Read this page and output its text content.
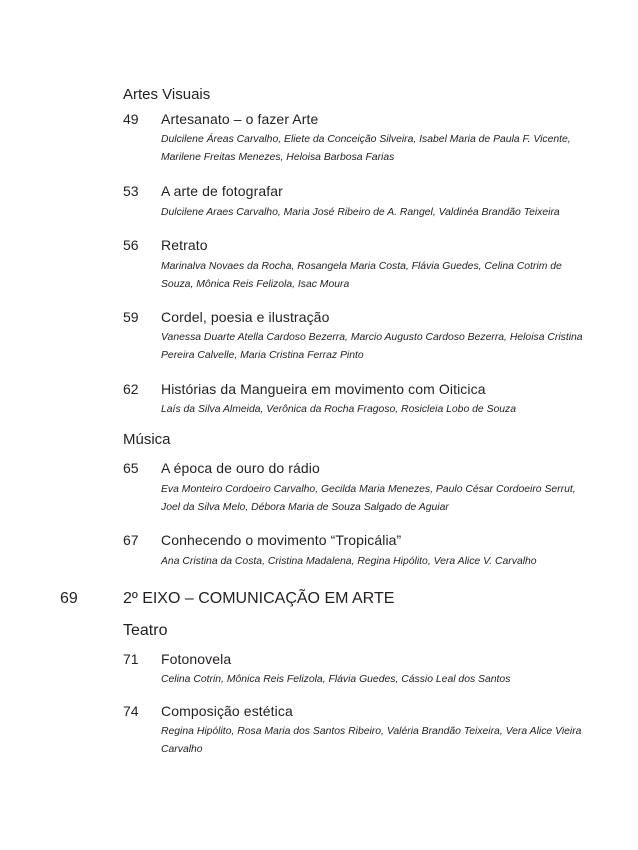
Artes Visuais
49 Artesanato – o fazer Arte
Dulcilene Áreas Carvalho, Eliete da Conceição Silveira, Isabel Maria de Paula F. Vicente,
Marilene Freitas Menezes, Heloisa Barbosa Farias
53 A arte de fotografar
Dulcilene Araes Carvalho, Maria José Ribeiro de A. Rangel, Valdinéa Brandão Teixeira
56 Retrato
Marinalva Novaes da Rocha, Rosangela Maria Costa, Flávia Guedes, Celina Cotrim de
Souza, Mônica Reis Felizola, Isac Moura
59 Cordel, poesia e ilustração
Vanessa Duarte Atella Cardoso Bezerra, Marcio Augusto Cardoso Bezerra, Heloisa Cristina
Pereira Calvelle, Maria Cristina Ferraz Pinto
62 Histórias da Mangueira em movimento com Oiticica
Laís da Silva Almeida, Verônica da Rocha Fragoso, Rosicleia Lobo de Souza
Música
65 A época de ouro do rádio
Eva Monteiro Cordoeiro Carvalho, Gecilda Maria Menezes, Paulo César Cordoeiro Serrut,
Joel da Silva Melo, Débora Maria de Souza Salgado de Aguiar
67 Conhecendo o movimento “Tropicália”
Ana Cristina da Costa, Cristina Madalena, Regina Hipólito, Vera Alice V. Carvalho
69	2º EIXO – COMUNICAÇÃO EM ARTE
Teatro
71 Fotonovela
Celina Cotrin, Mônica Reis Felizola, Flávia Guedes, Cássio Leal dos Santos
74 Composição estética
Regina Hipólito, Rosa Maria dos Santos Ribeiro, Valéria Brandão Teixeira, Vera Alice Vieira
Carvalho
